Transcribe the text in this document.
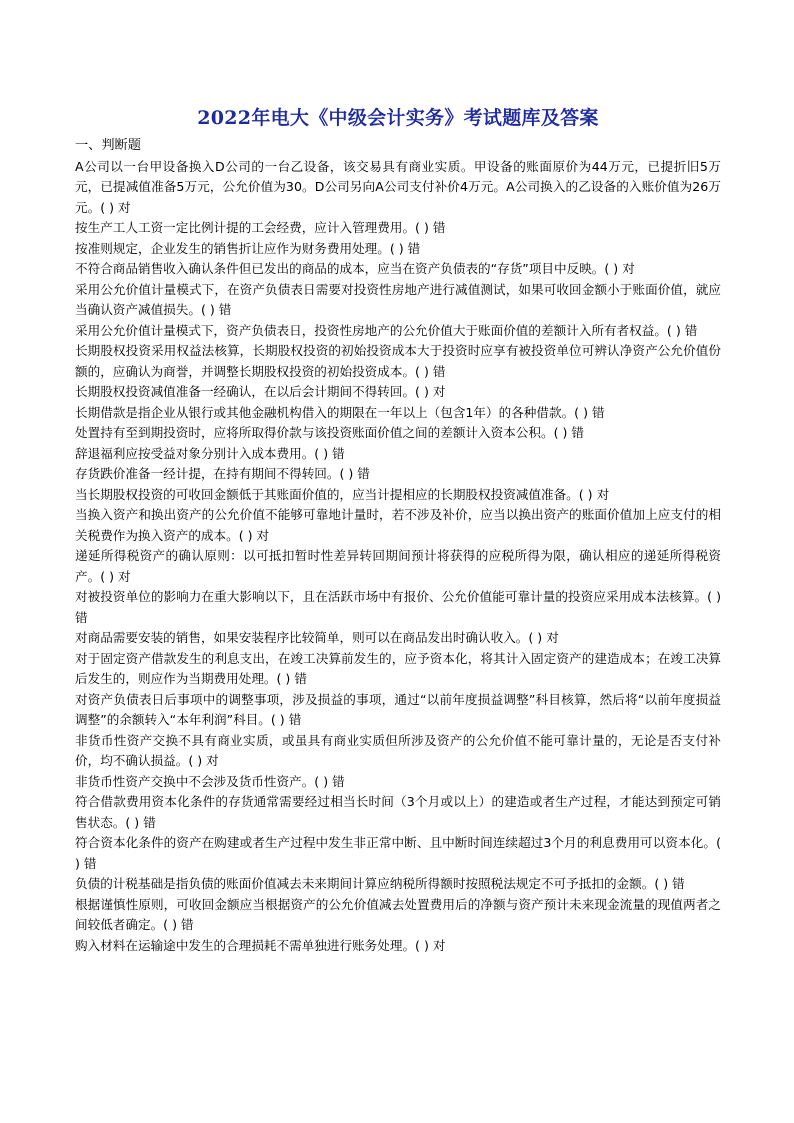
2022年电大《中级会计实务》考试题库及答案

一、判断题

A公司以一台甲设备换入D公司的一台乙设备，该交易具有商业实质。甲设备的账面原价为44万元，已提折旧5万元，已提减值准备5万元，公允价值为30。D公司另向A公司支付补价4万元。A公司换入的乙设备的入账价值为26万元。( ) 对

按生产工人工资一定比例计提的工会经费，应计入管理费用。( ) 错

按准则规定，企业发生的销售折让应作为财务费用处理。( ) 错

不符合商品销售收入确认条件但已发出的商品的成本，应当在资产负债表的“存货”项目中反映。( ) 对

采用公允价值计量模式下，在资产负债表日需要对投资性房地产进行减值测试，如果可收回金额小于账面价值，就应当确认资产减值损失。( ) 错

采用公允价值计量模式下，资产负债表日，投资性房地产的公允价值大于账面价值的差额计入所有者权益。( ) 错

长期股权投资采用权益法核算，长期股权投资的初始投资成本大于投资时应享有被投资单位可辨认净资产公允价值份额的，应确认为商誉，并调整长期股权投资的初始投资成本。( ) 错

长期股权投资减值准备一经确认，在以后会计期间不得转回。( ) 对

长期借款是指企业从银行或其他金融机构借入的期限在一年以上（包含1年）的各种借款。( ) 错

处置持有至到期投资时，应将所取得价款与该投资账面价值之间的差额计入资本公积。( ) 错

辞退福利应按受益对象分别计入成本费用。( ) 错

存货跌价准备一经计提，在持有期间不得转回。( ) 错

当长期股权投资的可收回金额低于其账面价值的，应当计提相应的长期股权投资减值准备。( ) 对

当换入资产和换出资产的公允价值不能够可靠地计量时，若不涉及补价，应当以换出资产的账面价值加上应支付的相关税费作为换入资产的成本。( ) 对

递延所得税资产的确认原则：以可抵扣暂时性差异转回期间预计将获得的应税所得为限，确认相应的递延所得税资产。( ) 对

对被投资单位的影响力在重大影响以下，且在活跃市场中有报价、公允价值能可靠计量的投资应采用成本法核算。( ) 错

对商品需要安装的销售，如果安装程序比较简单，则可以在商品发出时确认收入。( ) 对

对于固定资产借款发生的利息支出，在竣工决算前发生的，应予资本化，将其计入固定资产的建造成本；在竣工决算后发生的，则应作为当期费用处理。( ) 错

对资产负债表日后事项中的调整事项，涉及损益的事项，通过“以前年度损益调整”科目核算，然后将“以前年度损益调整”的余额转入“本年利润”科目。( ) 错

非货币性资产交换不具有商业实质，或虽具有商业实质但所涉及资产的公允价值不能可靠计量的，无论是否支付补价，均不确认损益。( ) 对

非货币性资产交换中不会涉及货币性资产。( ) 错

符合借款费用资本化条件的存货通常需要经过相当长时间（3个月或以上）的建造或者生产过程，才能达到预定可销售状态。( ) 错

符合资本化条件的资产在购建或者生产过程中发生非正常中断、且中断时间连续超过3个月的利息费用可以资本化。( ) 错

负债的计税基础是指负债的账面价值减去未来期间计算应纳税所得额时按照税法规定不可予抵扣的金额。( ) 错

根据谨慎性原则，可收回金额应当根据资产的公允价值减去处置费用后的净额与资产预计未来现金流量的现值两者之间较低者确定。( ) 错

购入材料在运输途中发生的合理损耗不需单独进行账务处理。( ) 对
